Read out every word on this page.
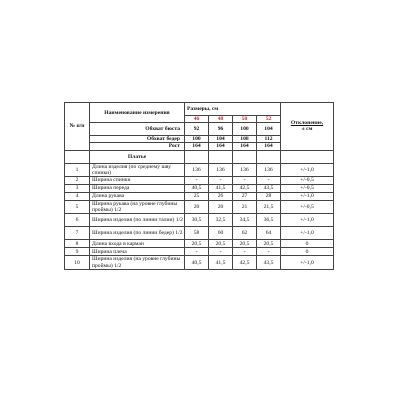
№ п/п	Наименование измерения	Размеры, см				Отклонение,
± см
		46	48	50	52	
	Обхват бюста	92	96	100	104	
	Обхват бедер	100	104	108	112	
	Рост	164	164	164	164	
	Платье					
1	Длина изделия (по среднему шву спинки)	136	136	136	136	+/-1,0
2	Ширина спинки	-	-	-	-	+/-0,5
3	Ширина переда	40,5	41,5	42,5	43,5	+/-0,5
4	Длина рукава	25	26	27	28	+/-1,0
5	Ширина рукава (на уровне глубины проймы) 1/2	20	20	21	21,5	+/-0,5
6	Ширина изделия (по линии талии) 1/2	30,5	32,5	34,5	36,5	+/-1,0
7	Ширина изделия (по линии бедер) 1/2	58	60	62	64	+/-1,0
8	Длина входа в карман	20,5	20,5	20,5	20,5	0
9	Ширина плеча	-	-	-	-	0
10	Ширина изделия (на уровне глубины проймы) 1/2	40,5	41,5	42,5	43,5	+/-1,0
